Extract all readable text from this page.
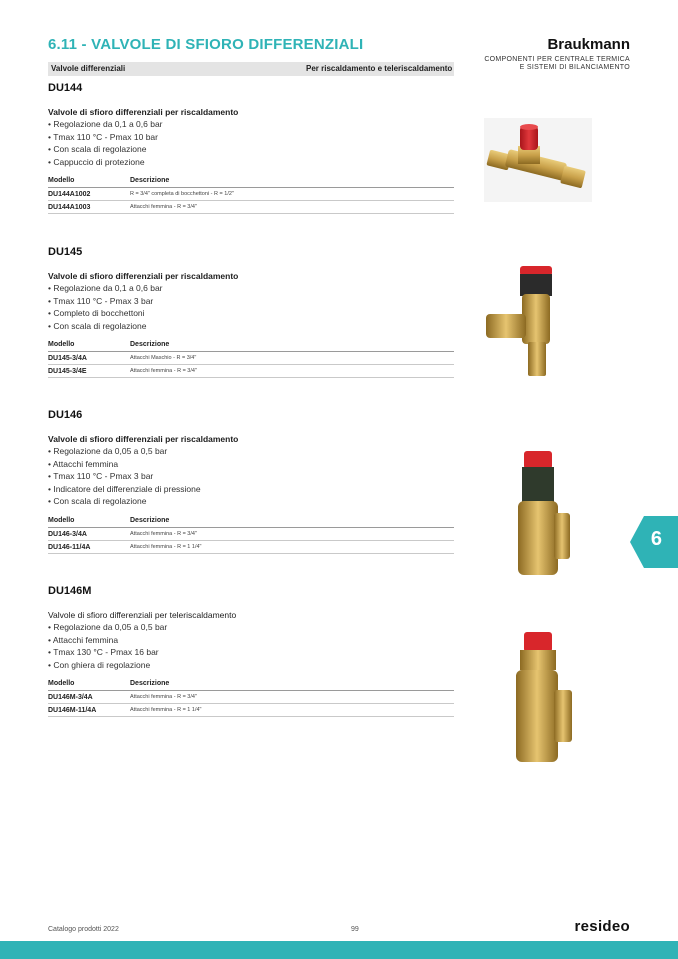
6.11 - VALVOLE DI SFIORO DIFFERENZIALI	Braukmann
COMPONENTI PER CENTRALE TERMICA
E SISTEMI DI BILANCIAMENTO
Valvole differenziali	Per riscaldamento e teleriscaldamento
DU144
Valvole di sfioro differenziali per riscaldamento
• Regolazione da 0,1 a 0,6 bar
• Tmax 110 °C - Pmax 10 bar
• Con scala di regolazione
• Cappuccio di protezione
Modello	Descrizione
DU144A1002	R = 3/4" completa di bocchettoni - R = 1/2"
DU144A1003	Attacchi femmina - R = 3/4"
DU145
Valvole di sfioro differenziali per riscaldamento
• Regolazione da 0,1 a 0,6 bar
• Tmax 110 °C - Pmax 3 bar
• Completo di bocchettoni
• Con scala di regolazione
Modello	Descrizione
DU145-3/4A	Attacchi Maschio - R = 3/4"
DU145-3/4E	Attacchi femmina - R = 3/4"
DU146
Valvole di sfioro differenziali per riscaldamento
• Regolazione da 0,05 a 0,5 bar
• Attacchi femmina
• Tmax 110 °C - Pmax 3 bar
• Indicatore del differenziale di pressione
• Con scala di regolazione
Modello	Descrizione
DU146-3/4A	Attacchi femmina - R = 3/4"
DU146-11/4A	Attacchi femmina - R = 1 1/4"
DU146M
Valvole di sfioro differenziali per teleriscaldamento
• Regolazione da 0,05 a 0,5 bar
• Attacchi femmina
• Tmax 130 °C - Pmax 16 bar
• Con ghiera di regolazione
Modello	Descrizione
DU146M-3/4A	Attacchi femmina - R = 3/4"
DU146M-11/4A	Attacchi femmina - R = 1 1/4"
6
Catalogo prodotti 2022	99	resideo
